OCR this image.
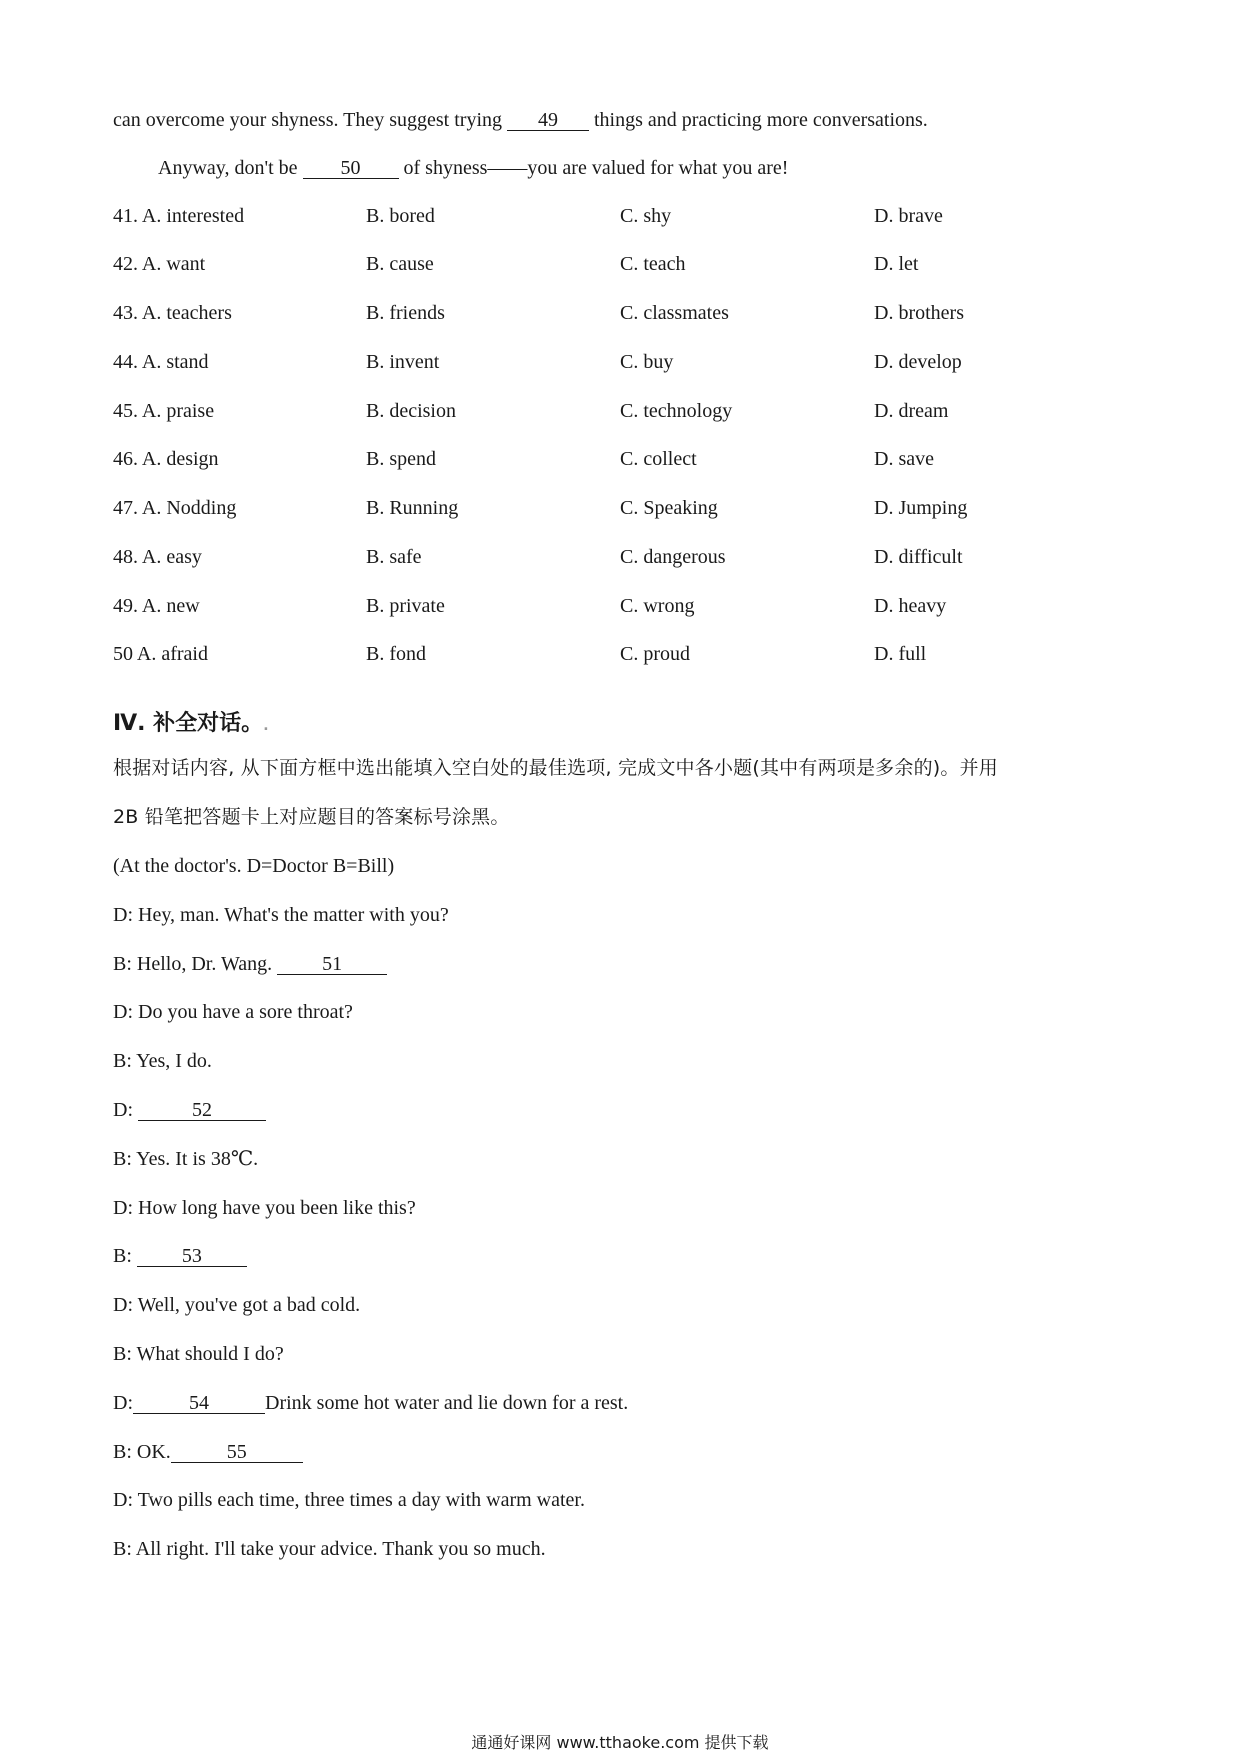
can overcome your shyness. They suggest trying 49 things and practicing more conversations.
Anyway, don't be 50 of shyness——you are valued for what you are!
41. A. interested	B. bored	C. shy	D. brave
42. A. want	B. cause	C. teach	D. let
43. A. teachers	B. friends	C. classmates	D. brothers
44. A. stand	B. invent	C. buy	D. develop
45. A. praise	B. decision	C. technology	D. dream
46. A. design	B. spend	C. collect	D. save
47. A. Nodding	B. Running	C. Speaking	D. Jumping
48. A. easy	B. safe	C. dangerous	D. difficult
49. A. new	B. private	C. wrong	D. heavy
50 A. afraid	B. fond	C. proud	D. full
Ⅳ. 补全对话。.
根据对话内容, 从下面方框中选出能填入空白处的最佳选项, 完成文中各小题(其中有两项是多余的)。并用
2B 铅笔把答题卡上对应题目的答案标号涂黑。
(At the doctor's. D=Doctor B=Bill)
D: Hey, man. What's the matter with you?
B: Hello, Dr. Wang. 51
D: Do you have a sore throat?
B: Yes, I do.
D:	52
B: Yes. It is 38℃.
D: How long have you been like this?
B: 53
D: Well, you've got a bad cold.
B: What should I do?
D:	54	Drink some hot water and lie down for a rest.
B: OK.	55
D: Two pills each time, three times a day with warm water.
B: All right. I'll take your advice. Thank you so much.
通通好课网 www.tthaoke.com 提供下载
